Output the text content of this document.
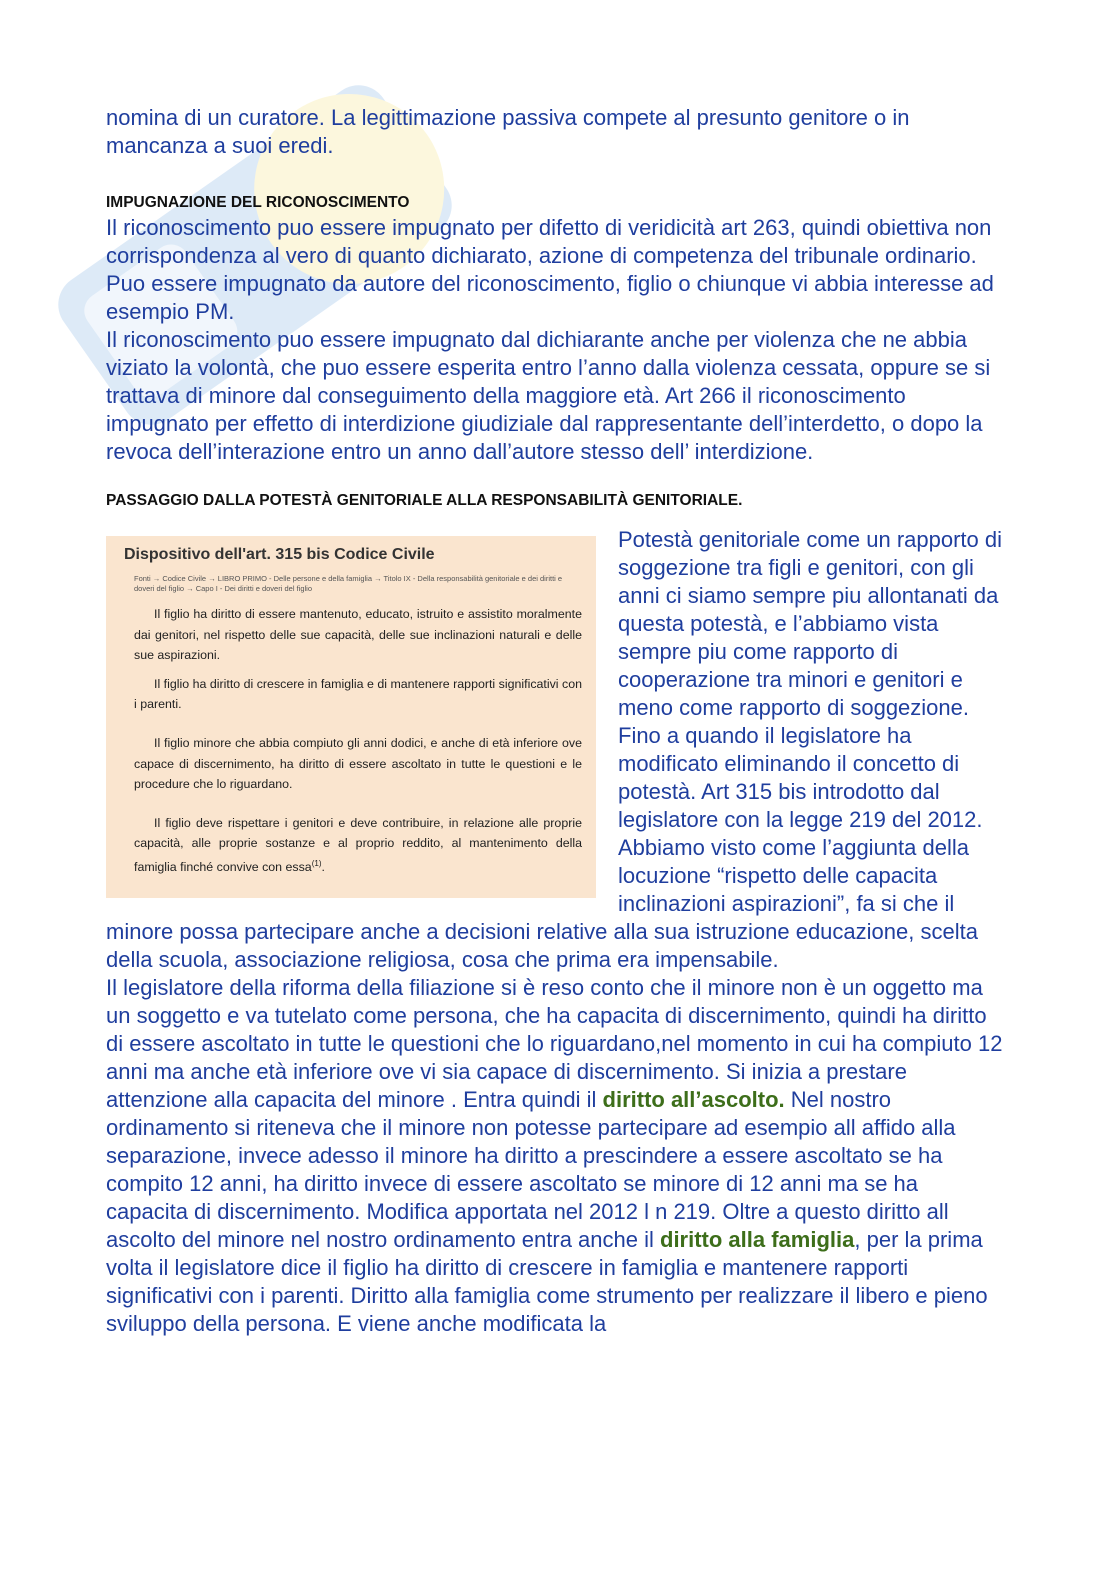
nomina di un curatore. La legittimazione passiva compete al presunto genitore o in mancanza a suoi eredi.

IMPUGNAZIONE DEL RICONOSCIMENTO

Il riconoscimento puo essere impugnato per difetto di veridicità art 263, quindi obiettiva non corrispondenza al vero di quanto dichiarato, azione di competenza del tribunale ordinario. Puo essere impugnato da autore del riconoscimento, figlio o chiunque vi abbia interesse ad esempio PM.

Il riconoscimento puo essere impugnato dal dichiarante anche per violenza che ne abbia viziato la volontà, che puo essere esperita entro l’anno dalla violenza cessata, oppure se si trattava di minore dal conseguimento della maggiore età. Art 266 il riconoscimento impugnato per effetto di interdizione giudiziale dal rappresentante dell’interdetto, o dopo la revoca dell’interazione entro un anno dall’autore stesso dell’ interdizione.

PASSAGGIO DALLA POTESTÀ GENITORIALE ALLA RESPONSABILITÀ GENITORIALE.

Dispositivo dell'art. 315 bis Codice Civile

Fonti → Codice Civile → LIBRO PRIMO - Delle persone e della famiglia → Titolo IX - Della responsabilità genitoriale e dei diritti e doveri del figlio → Capo I - Dei diritti e doveri del figlio

Il figlio ha diritto di essere mantenuto, educato, istruito e assistito moralmente dai genitori, nel rispetto delle sue capacità, delle sue inclinazioni naturali e delle sue aspirazioni.

Il figlio ha diritto di crescere in famiglia e di mantenere rapporti significativi con i parenti.

Il figlio minore che abbia compiuto gli anni dodici, e anche di età inferiore ove capace di discernimento, ha diritto di essere ascoltato in tutte le questioni e le procedure che lo riguardano.

Il figlio deve rispettare i genitori e deve contribuire, in relazione alle proprie capacità, alle proprie sostanze e al proprio reddito, al mantenimento della famiglia finché convive con essa$^{(1)}$.

Potestà genitoriale come un rapporto di soggezione tra figli e genitori, con gli anni ci siamo sempre piu allontanati da questa potestà, e l’abbiamo vista sempre piu come rapporto di cooperazione tra minori e genitori e meno come rapporto di soggezione. Fino a quando il legislatore ha modificato eliminando il concetto di potestà. Art 315 bis introdotto dal legislatore con la legge 219 del 2012. Abbiamo visto come l’aggiunta della locuzione “rispetto delle capacita inclinazioni aspirazioni”, fa si che il minore possa partecipare anche a decisioni relative alla sua istruzione educazione, scelta della scuola, associazione religiosa, cosa che prima era impensabile.

Il legislatore della riforma della filiazione si è reso conto che il minore non è un oggetto ma un soggetto e va tutelato come persona, che ha capacita di discernimento, quindi ha diritto di essere ascoltato in tutte le questioni che lo riguardano,nel momento in cui ha compiuto 12 anni ma anche età inferiore ove vi sia capace di discernimento. Si inizia a prestare attenzione alla capacita del minore . Entra quindi il diritto all’ascolto. Nel nostro ordinamento si riteneva che il minore non potesse partecipare ad esempio all affido alla separazione, invece adesso il minore ha diritto a prescindere a essere ascoltato se ha compito 12 anni, ha diritto invece di essere ascoltato se minore di 12 anni ma se ha capacita di discernimento. Modifica apportata nel 2012 l n 219. Oltre a questo diritto all ascolto del minore nel nostro ordinamento entra anche il diritto alla famiglia, per la prima volta il legislatore dice il figlio ha diritto di crescere in famiglia e mantenere rapporti significativi con i parenti. Diritto alla famiglia come strumento per realizzare il libero e pieno sviluppo della persona. E viene anche modificata la
